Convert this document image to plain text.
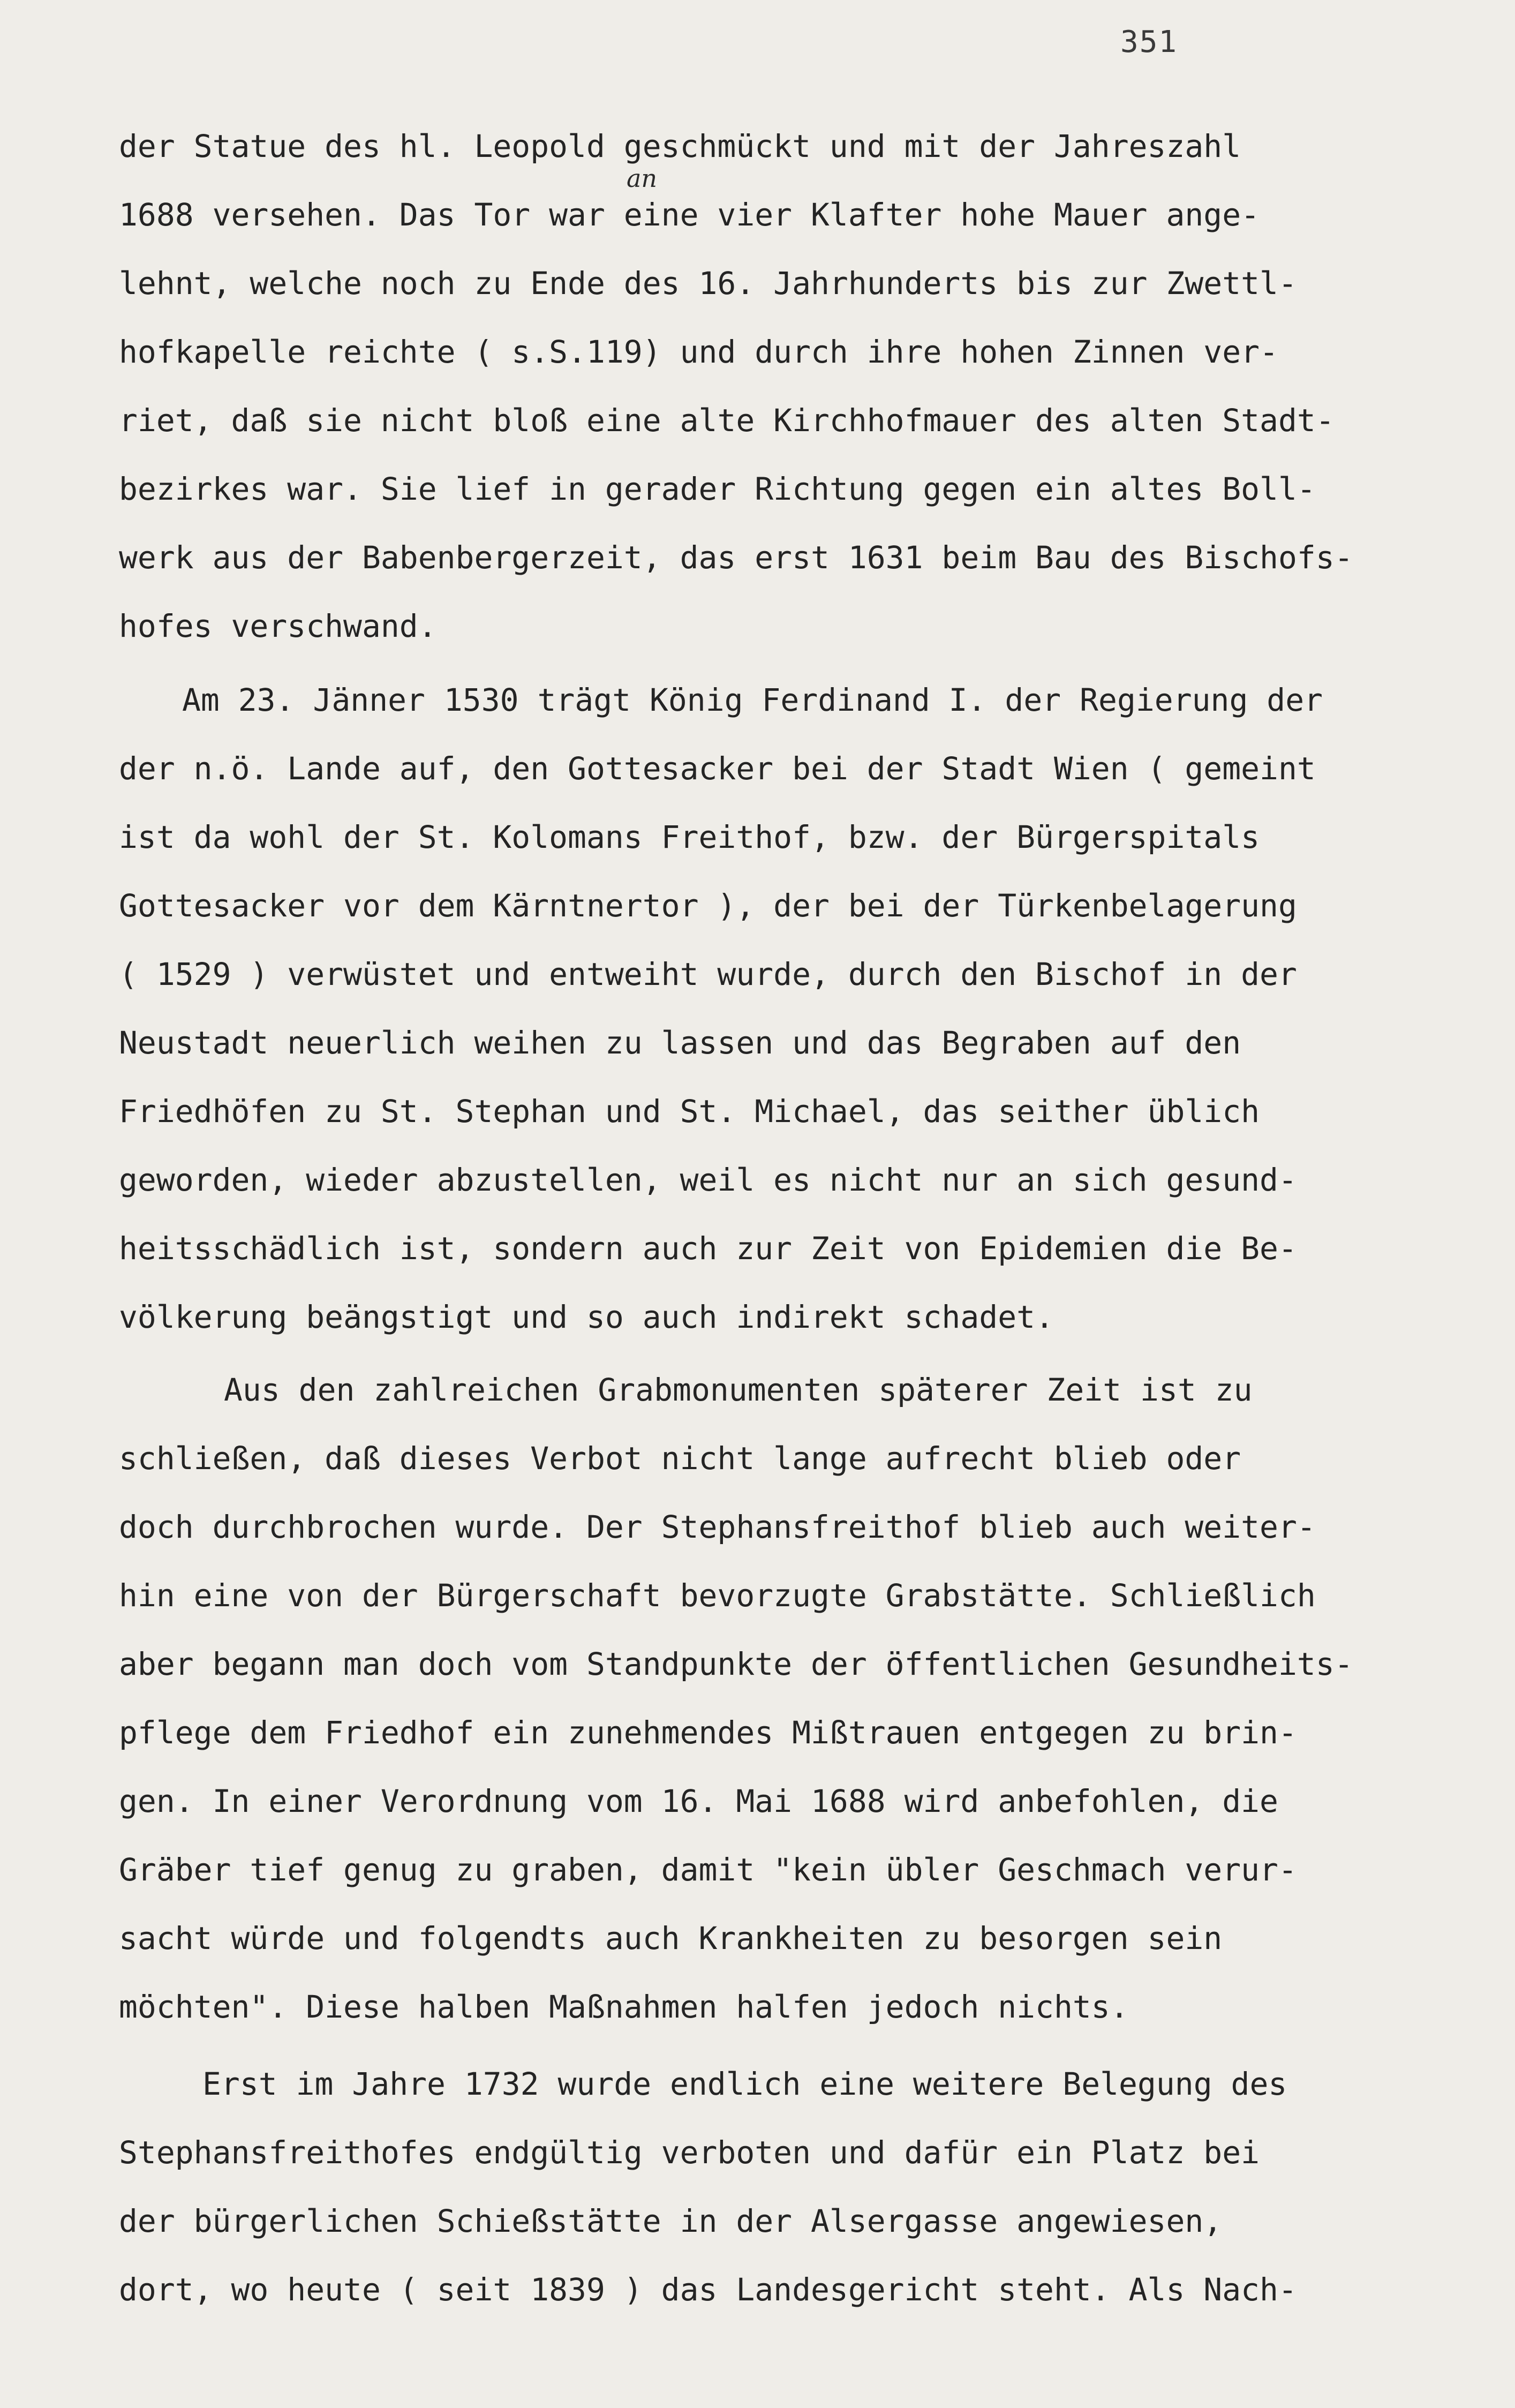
351
an
der Statue des hl. Leopold geschmückt und mit der Jahreszahl
1688 versehen. Das Tor war eine vier Klafter hohe Mauer ange-
lehnt, welche noch zu Ende des 16. Jahrhunderts bis zur Zwettl-
hofkapelle reichte ( s.S.119) und durch ihre hohen Zinnen ver-
riet, daß sie nicht bloß eine alte Kirchhofmauer des alten Stadt-
bezirkes war. Sie lief in gerader Richtung gegen ein altes Boll-
werk aus der Babenbergerzeit, das erst 1631 beim Bau des Bischofs-
hofes verschwand.
Am 23. Jänner 1530 trägt König Ferdinand I. der Regierung der
der n.ö. Lande auf, den Gottesacker bei der Stadt Wien ( gemeint
ist da wohl der St. Kolomans Freithof, bzw. der Bürgerspitals
Gottesacker vor dem Kärntnertor ), der bei der Türkenbelagerung
( 1529 ) verwüstet und entweiht wurde, durch den Bischof in der
Neustadt neuerlich weihen zu lassen und das Begraben auf den
Friedhöfen zu St. Stephan und St. Michael, das seither üblich
geworden, wieder abzustellen, weil es nicht nur an sich gesund-
heitsschädlich ist, sondern auch zur Zeit von Epidemien die Be-
völkerung beängstigt und so auch indirekt schadet.
Aus den zahlreichen Grabmonumenten späterer Zeit ist zu
schließen, daß dieses Verbot nicht lange aufrecht blieb oder
doch durchbrochen wurde. Der Stephansfreithof blieb auch weiter-
hin eine von der Bürgerschaft bevorzugte Grabstätte. Schließlich
aber begann man doch vom Standpunkte der öffentlichen Gesundheits-
pflege dem Friedhof ein zunehmendes Mißtrauen entgegen zu brin-
gen. In einer Verordnung vom 16. Mai 1688 wird anbefohlen, die
Gräber tief genug zu graben, damit "kein übler Geschmach verur-
sacht würde und folgendts auch Krankheiten zu besorgen sein
möchten". Diese halben Maßnahmen halfen jedoch nichts.
Erst im Jahre 1732 wurde endlich eine weitere Belegung des
Stephansfreithofes endgültig verboten und dafür ein Platz bei
der bürgerlichen Schießstätte in der Alsergasse angewiesen,
dort, wo heute ( seit 1839 ) das Landesgericht steht. Als Nach-
